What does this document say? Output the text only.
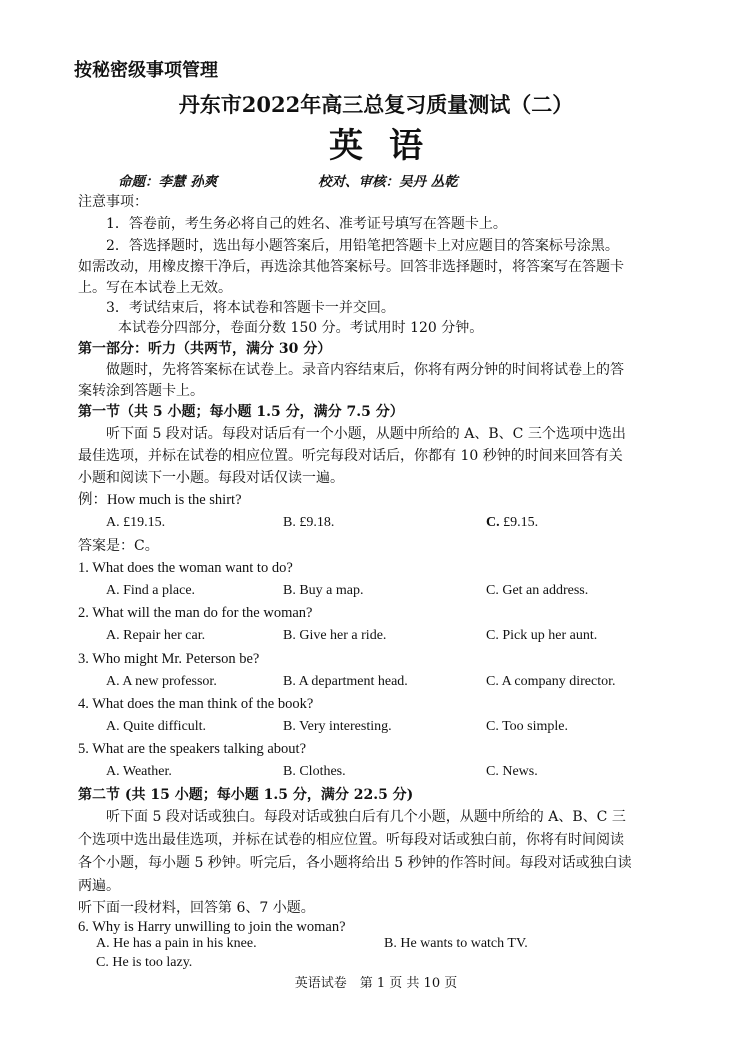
按秘密级事项管理
丹东市2022年高三总复习质量测试（二）
英语
命题：李慧 孙爽	校对、审核：吴丹 丛乾
注意事项：
1．答卷前，考生务必将自己的姓名、准考证号填写在答题卡上。
2．答选择题时，选出每小题答案后，用铅笔把答题卡上对应题目的答案标号涂黑。
如需改动，用橡皮擦干净后，再选涂其他答案标号。回答非选择题时，将答案写在答题卡
上。写在本试卷上无效。
3．考试结束后，将本试卷和答题卡一并交回。
本试卷分四部分，卷面分数 150 分。考试用时 120 分钟。
第一部分：听力（共两节，满分 30 分）
做题时，先将答案标在试卷上。录音内容结束后，你将有两分钟的时间将试卷上的答
案转涂到答题卡上。
第一节（共 5 小题；每小题 1.5 分，满分 7.5 分）
听下面 5 段对话。每段对话后有一个小题，从题中所给的 A、B、C 三个选项中选出
最佳选项，并标在试卷的相应位置。听完每段对话后，你都有 10 秒钟的时间来回答有关
小题和阅读下一小题。每段对话仅读一遍。
例：How much is the shirt?
A. £19.15.	B. £9.18.	C. £9.15.
答案是：C。
1. What does the woman want to do?
A. Find a place.	B. Buy a map.	C. Get an address.
2. What will the man do for the woman?
A. Repair her car.	B. Give her a ride.	C. Pick up her aunt.
3. Who might Mr. Peterson be?
A. A new professor.	B. A department head.	C. A company director.
4. What does the man think of the book?
A. Quite difficult.	B. Very interesting.	C. Too simple.
5. What are the speakers talking about?
A. Weather.	B. Clothes.	C. News.
第二节 (共 15 小题；每小题 1.5 分，满分 22.5 分)
听下面 5 段对话或独白。每段对话或独白后有几个小题，从题中所给的 A、B、C 三
个选项中选出最佳选项，并标在试卷的相应位置。听每段对话或独白前，你将有时间阅读
各个小题，每小题 5 秒钟。听完后，各小题将给出 5 秒钟的作答时间。每段对话或独白读
两遍。
听下面一段材料，回答第 6、7 小题。
6. Why is Harry unwilling to join the woman?
A. He has a pain in his knee.	B. He wants to watch TV.
C. He is too lazy.
英语试卷　第 1 页 共 10 页
